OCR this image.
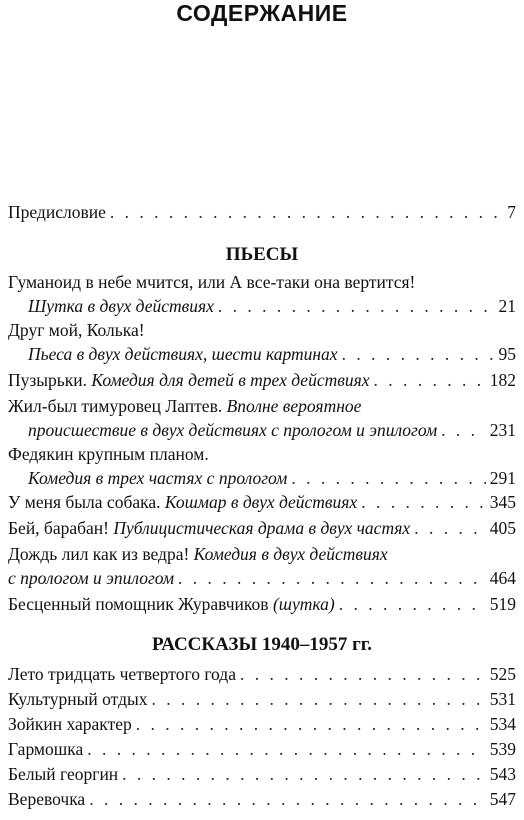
СОДЕРЖАНИЕ
Предисловие . . .	7
ПЬЕСЫ
Гуманоид в небе мчится, или А все-таки она вертится!
Шутка в двух действиях . . .	21
Друг мой, Колька!
Пьеса в двух действиях, шести картинах . . .	95
Пузырьки. Комедия для детей в трех действиях . . .	182
Жил-был тимуровец Лаптев. Вполне вероятное
происшествие в двух действиях с прологом и эпилогом . . .	231
Федякин крупным планом.
Комедия в трех частях с прологом . . .	291
У меня была собака. Кошмар в двух действиях . . .	345
Бей, барабан! Публицистическая драма в двух частях . . .	405
Дождь лил как из ведра! Комедия в двух действиях
с прологом и эпилогом . . .	464
Бесценный помощник Журавчиков (шутка) . . .	519
РАССКАЗЫ 1940–1957 гг.
Лето тридцать четвертого года . . .	525
Культурный отдых . . .	531
Зойкин характер . . .	534
Гармошка . . .	539
Белый георгин . . .	543
Веревочка . . .	547
